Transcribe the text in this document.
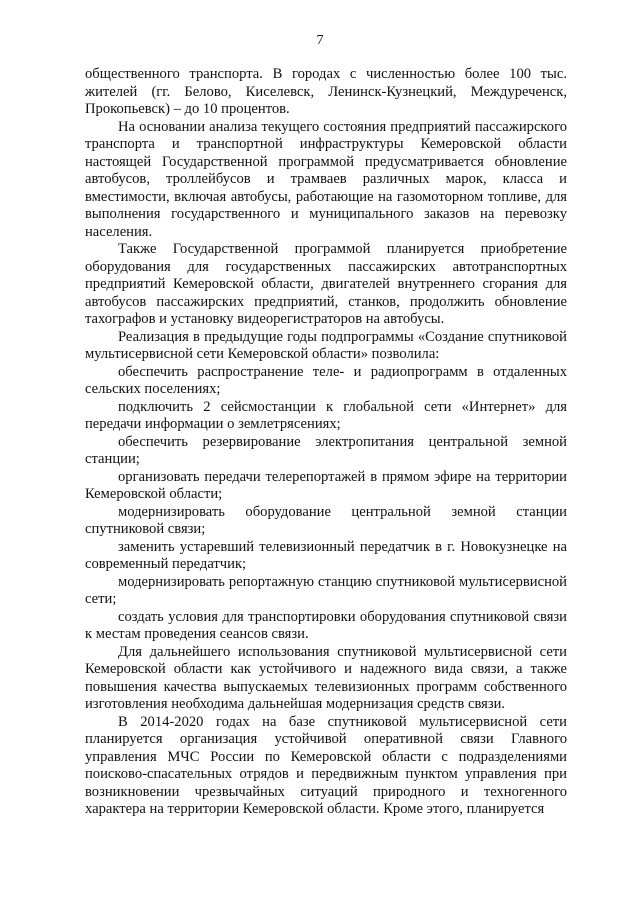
7

общественного транспорта. В городах с численностью более 100 тыс. жителей (гг. Белово, Киселевск, Ленинск-Кузнецкий, Междуреченск, Прокопьевск) – до 10 процентов.

На основании анализа текущего состояния предприятий пассажирского транспорта и транспортной инфраструктуры Кемеровской области настоящей Государственной программой предусматривается обновление автобусов, троллейбусов и трамваев различных марок, класса и вместимости, включая автобусы, работающие на газомоторном топливе, для выполнения государственного и муниципального заказов на перевозку населения.

Также Государственной программой планируется приобретение оборудования для государственных пассажирских автотранспортных предприятий Кемеровской области, двигателей внутреннего сгорания для автобусов пассажирских предприятий, станков, продолжить обновление тахографов и установку видеорегистраторов на автобусы.

Реализация в предыдущие годы подпрограммы «Создание спутниковой мультисервисной сети Кемеровской области» позволила:

обеспечить распространение теле- и радиопрограмм в отдаленных сельских поселениях;

подключить 2 сейсмостанции к глобальной сети «Интернет» для передачи информации о землетрясениях;

обеспечить резервирование электропитания центральной земной станции;

организовать передачи телерепортажей в прямом эфире на территории Кемеровской области;

модернизировать оборудование центральной земной станции спутниковой связи;

заменить устаревший телевизионный передатчик в г. Новокузнецке на современный передатчик;

модернизировать репортажную станцию спутниковой мультисервисной сети;

создать условия для транспортировки оборудования спутниковой связи к местам проведения сеансов связи.

Для дальнейшего использования спутниковой мультисервисной сети Кемеровской области как устойчивого и надежного вида связи, а также повышения качества выпускаемых телевизионных программ собственного изготовления необходима дальнейшая модернизация средств связи.

В 2014-2020 годах на базе спутниковой мультисервисной сети планируется организация устойчивой оперативной связи Главного управления МЧС России по Кемеровской области с подразделениями поисково-спасательных отрядов и передвижным пунктом управления при возникновении чрезвычайных ситуаций природного и техногенного характера на территории Кемеровской области. Кроме этого, планируется
